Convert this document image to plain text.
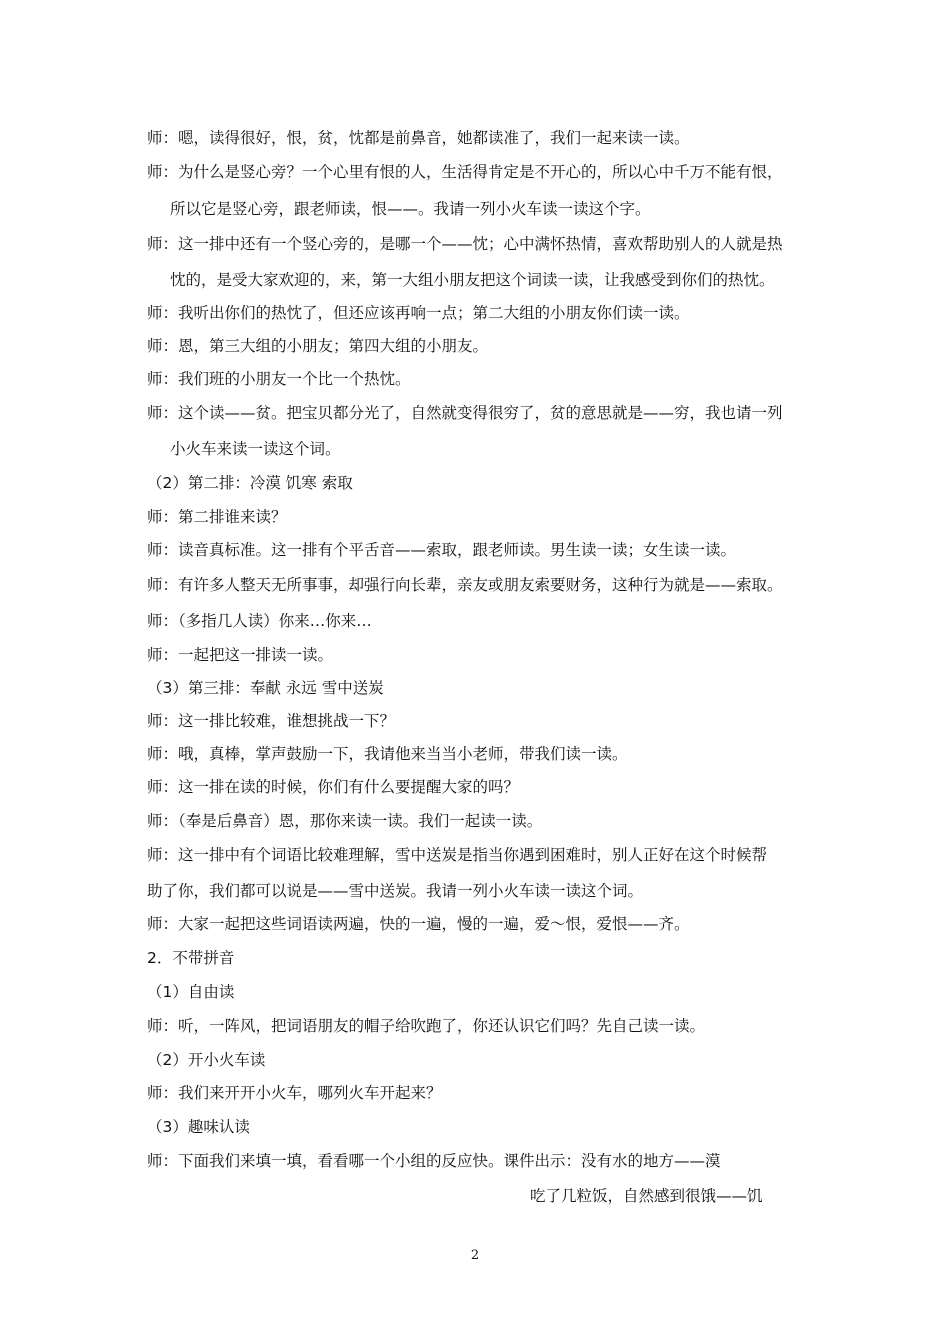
师：嗯，读得很好，恨，贫，忱都是前鼻音，她都读准了，我们一起来读一读。
师：为什么是竖心旁？一个心里有恨的人，生活得肯定是不开心的，所以心中千万不能有恨，
所以它是竖心旁，跟老师读，恨——。我请一列小火车读一读这个字。
师：这一排中还有一个竖心旁的，是哪一个——忱；心中满怀热情，喜欢帮助别人的人就是热
忱的，是受大家欢迎的，来，第一大组小朋友把这个词读一读，让我感受到你们的热忱。
师：我听出你们的热忱了，但还应该再响一点；第二大组的小朋友你们读一读。
师：恩，第三大组的小朋友；第四大组的小朋友。
师：我们班的小朋友一个比一个热忱。
师：这个读——贫。把宝贝都分光了，自然就变得很穷了，贫的意思就是——穷，我也请一列
小火车来读一读这个词。
（2）第二排：冷漠 饥寒 索取
师：第二排谁来读？
师：读音真标准。这一排有个平舌音——索取，跟老师读。男生读一读；女生读一读。
师：有许多人整天无所事事，却强行向长辈，亲友或朋友索要财务，这种行为就是——索取。
师：（多指几人读）你来…你来…
师：一起把这一排读一读。
（3）第三排：奉献 永远 雪中送炭
师：这一排比较难，谁想挑战一下？
师：哦，真棒，掌声鼓励一下，我请他来当当小老师，带我们读一读。
师：这一排在读的时候，你们有什么要提醒大家的吗？
师：（奉是后鼻音）恩，那你来读一读。我们一起读一读。
师：这一排中有个词语比较难理解，雪中送炭是指当你遇到困难时，别人正好在这个时候帮
助了你，我们都可以说是——雪中送炭。我请一列小火车读一读这个词。
师：大家一起把这些词语读两遍，快的一遍，慢的一遍，爱～恨，爱恨——齐。
2．不带拼音
（1）自由读
师：听，一阵风，把词语朋友的帽子给吹跑了，你还认识它们吗？先自己读一读。
（2）开小火车读
师：我们来开开小火车，哪列火车开起来？
（3）趣味认读
师：下面我们来填一填，看看哪一个小组的反应快。课件出示：没有水的地方——漠
吃了几粒饭，自然感到很饿——饥
2
